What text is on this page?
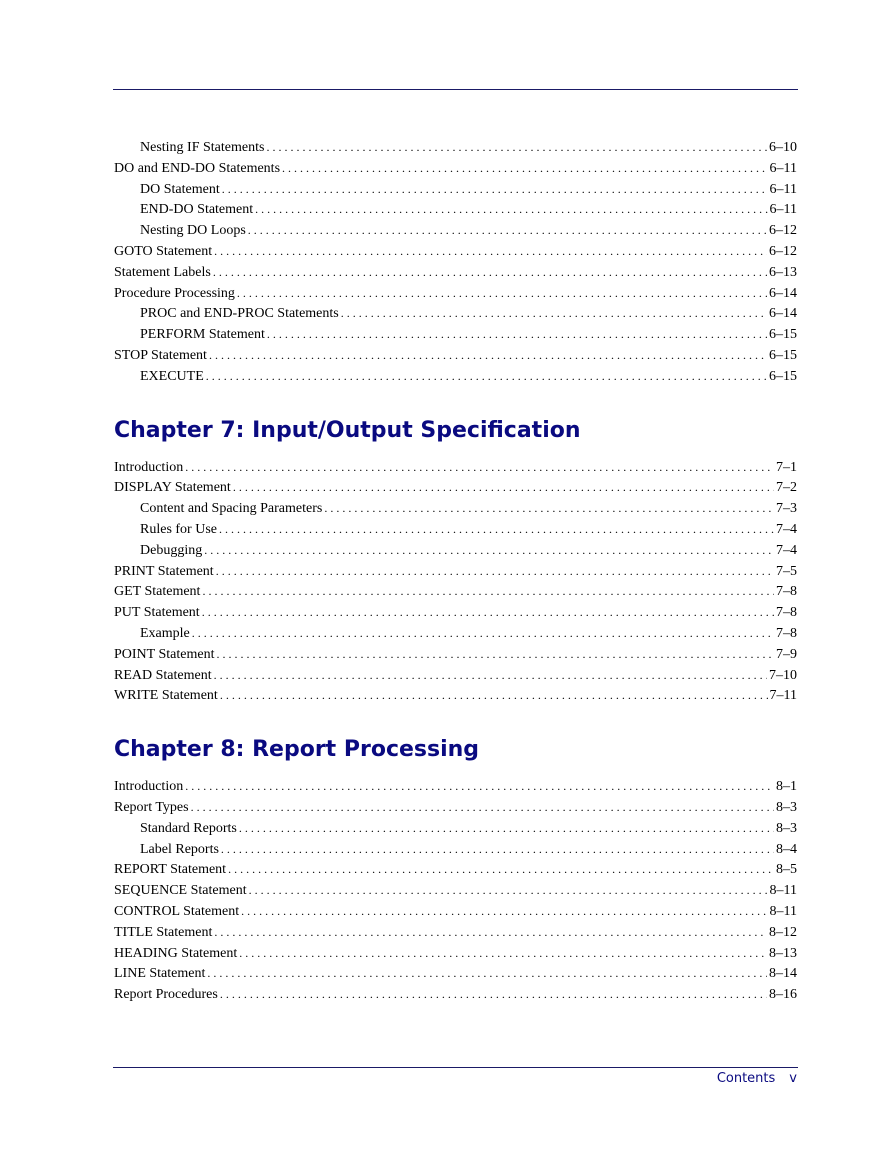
Nesting IF Statements . . .	6–10
DO and END-DO Statements . . .	6–11
DO Statement . . .	6–11
END-DO Statement . . .	6–11
Nesting DO Loops . . .	6–12
GOTO Statement . . .	6–12
Statement Labels . . .	6–13
Procedure Processing . . .	6–14
PROC and END-PROC Statements . . .	6–14
PERFORM Statement . . .	6–15
STOP Statement . . .	6–15
EXECUTE . . .	6–15
Chapter 7: Input/Output Specification
Introduction . . .	7–1
DISPLAY Statement . . .	7–2
Content and Spacing Parameters . . .	7–3
Rules for Use . . .	7–4
Debugging . . .	7–4
PRINT Statement . . .	7–5
GET Statement . . .	7–8
PUT Statement . . .	7–8
Example . . .	7–8
POINT Statement . . .	7–9
READ Statement . . .	7–10
WRITE Statement . . .	7–11
Chapter 8: Report Processing
Introduction . . .	8–1
Report Types . . .	8–3
Standard Reports . . .	8–3
Label Reports . . .	8–4
REPORT Statement . . .	8–5
SEQUENCE Statement . . .	8–11
CONTROL Statement . . .	8–11
TITLE Statement . . .	8–12
HEADING Statement . . .	8–13
LINE Statement . . .	8–14
Report Procedures . . .	8–16
Contents v
